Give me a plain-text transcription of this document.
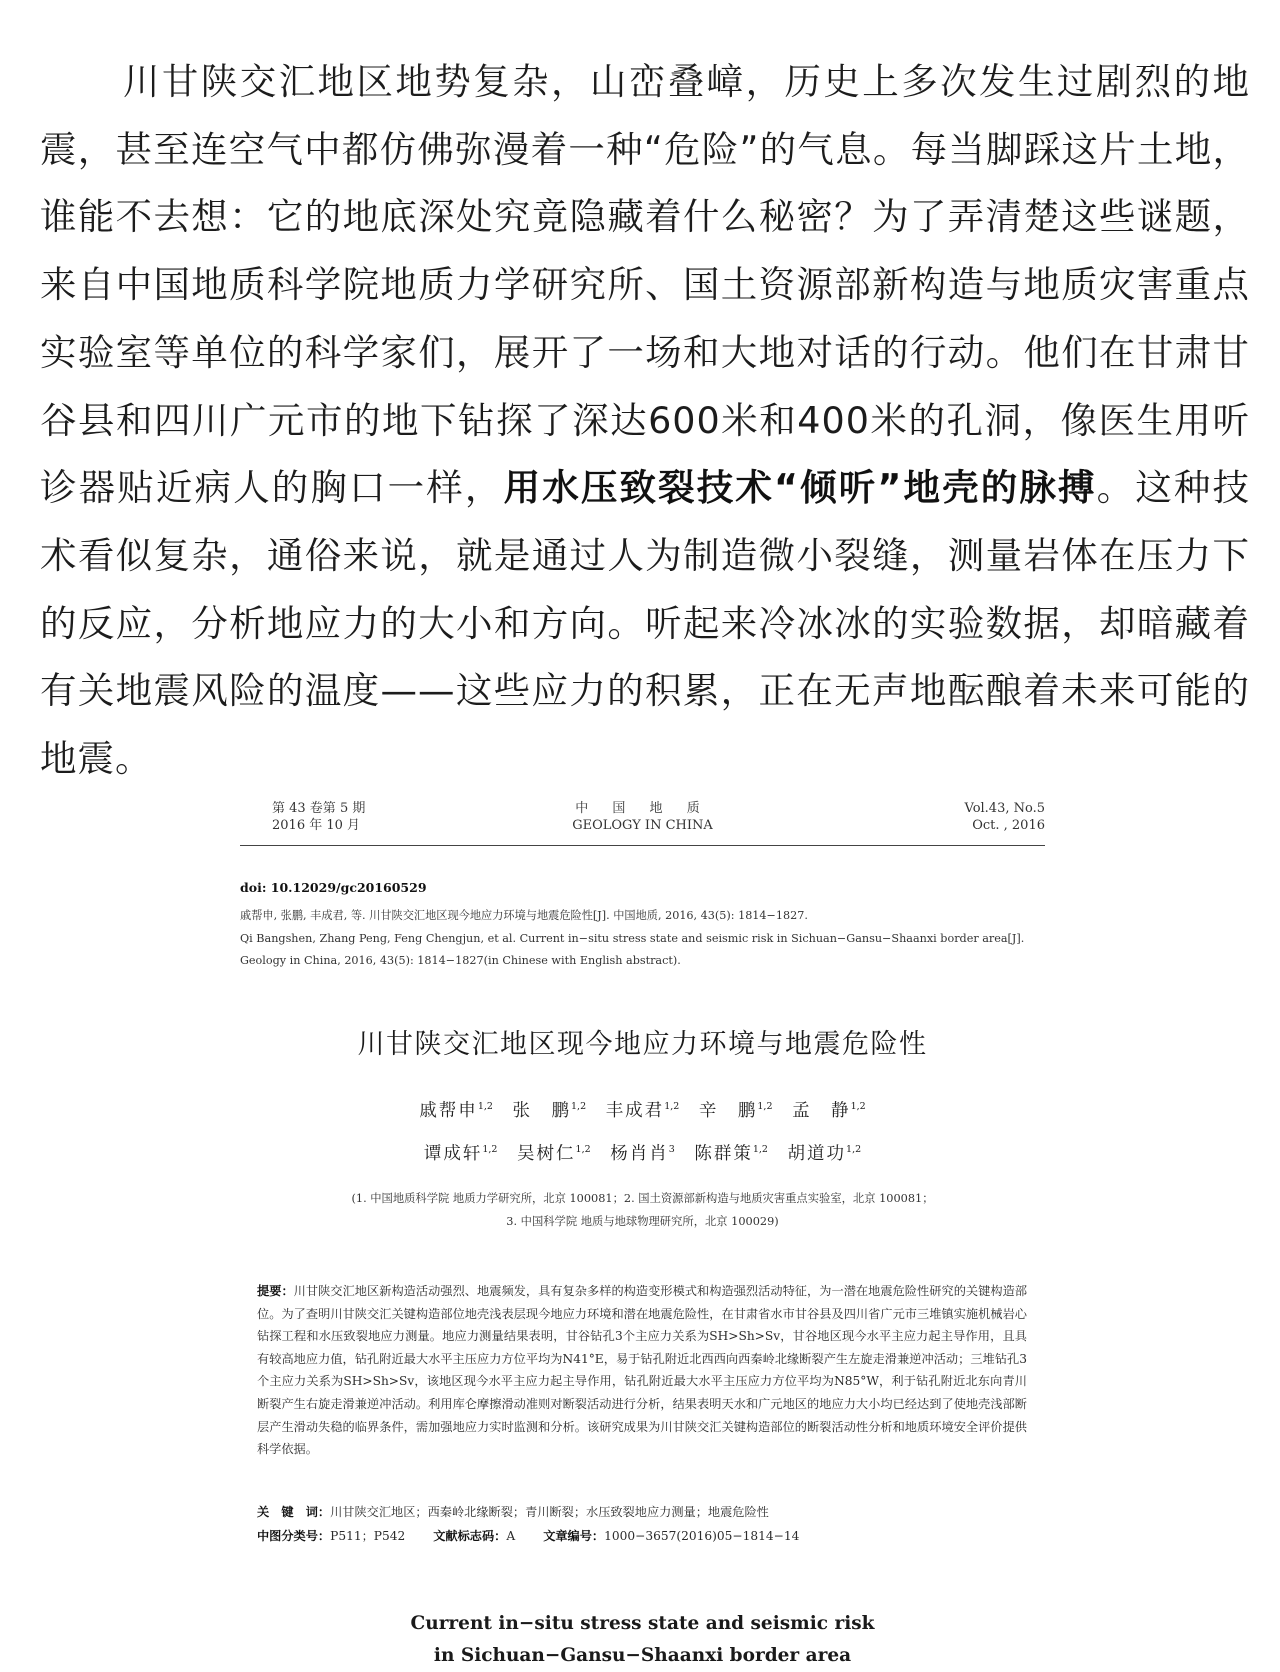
川甘陕交汇地区地势复杂，山峦叠嶂，历史上多次发生过剧烈的地震，甚至连空气中都仿佛弥漫着一种“危险”的气息。每当脚踩这片土地，谁能不去想：它的地底深处究竟隐藏着什么秘密？为了弄清楚这些谜题，来自中国地质科学院地质力学研究所、国土资源部新构造与地质灾害重点实验室等单位的科学家们，展开了一场和大地对话的行动。他们在甘肃甘谷县和四川广元市的地下钻探了深达600米和400米的孔洞，像医生用听诊器贴近病人的胸口一样，用水压致裂技术“倾听”地壳的脉搏。这种技术看似复杂，通俗来说，就是通过人为制造微小裂缝，测量岩体在压力下的反应，分析地应力的大小和方向。听起来冷冰冰的实验数据，却暗藏着有关地震风险的温度——这些应力的积累，正在无声地酝酿着未来可能的地震。

第 43 卷第 5 期
2016 年 10 月
中 国 地 质
GEOLOGY IN CHINA
Vol.43, No.5
Oct. , 2016
doi: 10.12029/gc20160529

戚帮申, 张鹏, 丰成君, 等. 川甘陕交汇地区现今地应力环境与地震危险性[J]. 中国地质, 2016, 43(5): 1814−1827.
Qi Bangshen, Zhang Peng, Feng Chengjun, et al. Current in−situ stress state and seismic risk in Sichuan−Gansu−Shaanxi border area[J]. Geology in China, 2016, 43(5): 1814−1827(in Chinese with English abstract).

川甘陕交汇地区现今地应力环境与地震危险性
戚帮申$^{1,2}$ 张　鹏$^{1,2}$ 丰成君$^{1,2}$ 辛　鹏$^{1,2}$ 孟　静$^{1,2}$
谭成轩$^{1,2}$ 吴树仁$^{1,2}$ 杨肖肖$^3$ 陈群策$^{1,2}$ 胡道功$^{1,2}$
(1. 中国地质科学院 地质力学研究所，北京 100081；2. 国土资源部新构造与地质灾害重点实验室，北京 100081；
3. 中国科学院 地质与地球物理研究所，北京 100029)

提要：川甘陕交汇地区新构造活动强烈、地震频发，具有复杂多样的构造变形模式和构造强烈活动特征，为一潜在地震危险性研究的关键构造部位。为了查明川甘陕交汇关键构造部位地壳浅表层现今地应力环境和潜在地震危险性，在甘肃省水市甘谷县及四川省广元市三堆镇实施机械岩心钻探工程和水压致裂地应力测量。地应力测量结果表明，甘谷钻孔3个主应力关系为SH>Sh>Sv，甘谷地区现今水平主应力起主导作用，且具有较高地应力值，钻孔附近最大水平主压应力方位平均为N41°E，易于钻孔附近北西西向西秦岭北缘断裂产生左旋走滑兼逆冲活动；三堆钻孔3个主应力关系为SH>Sh>Sv，该地区现今水平主应力起主导作用，钻孔附近最大水平主压应力方位平均为N85°W，利于钻孔附近北东向青川断裂产生右旋走滑兼逆冲活动。利用库仑摩擦滑动准则对断裂活动进行分析，结果表明天水和广元地区的地应力大小均已经达到了使地壳浅部断层产生滑动失稳的临界条件，需加强地应力实时监测和分析。该研究成果为川甘陕交汇关键构造部位的断裂活动性分析和地质环境安全评价提供科学依据。

关　键　词：川甘陕交汇地区；西秦岭北缘断裂；青川断裂；水压致裂地应力测量；地震危险性
中图分类号：P511；P542 文献标志码：A 文章编号：1000−3657(2016)05−1814−14
Current in−situ stress state and seismic risk
in Sichuan−Gansu−Shaanxi border area
